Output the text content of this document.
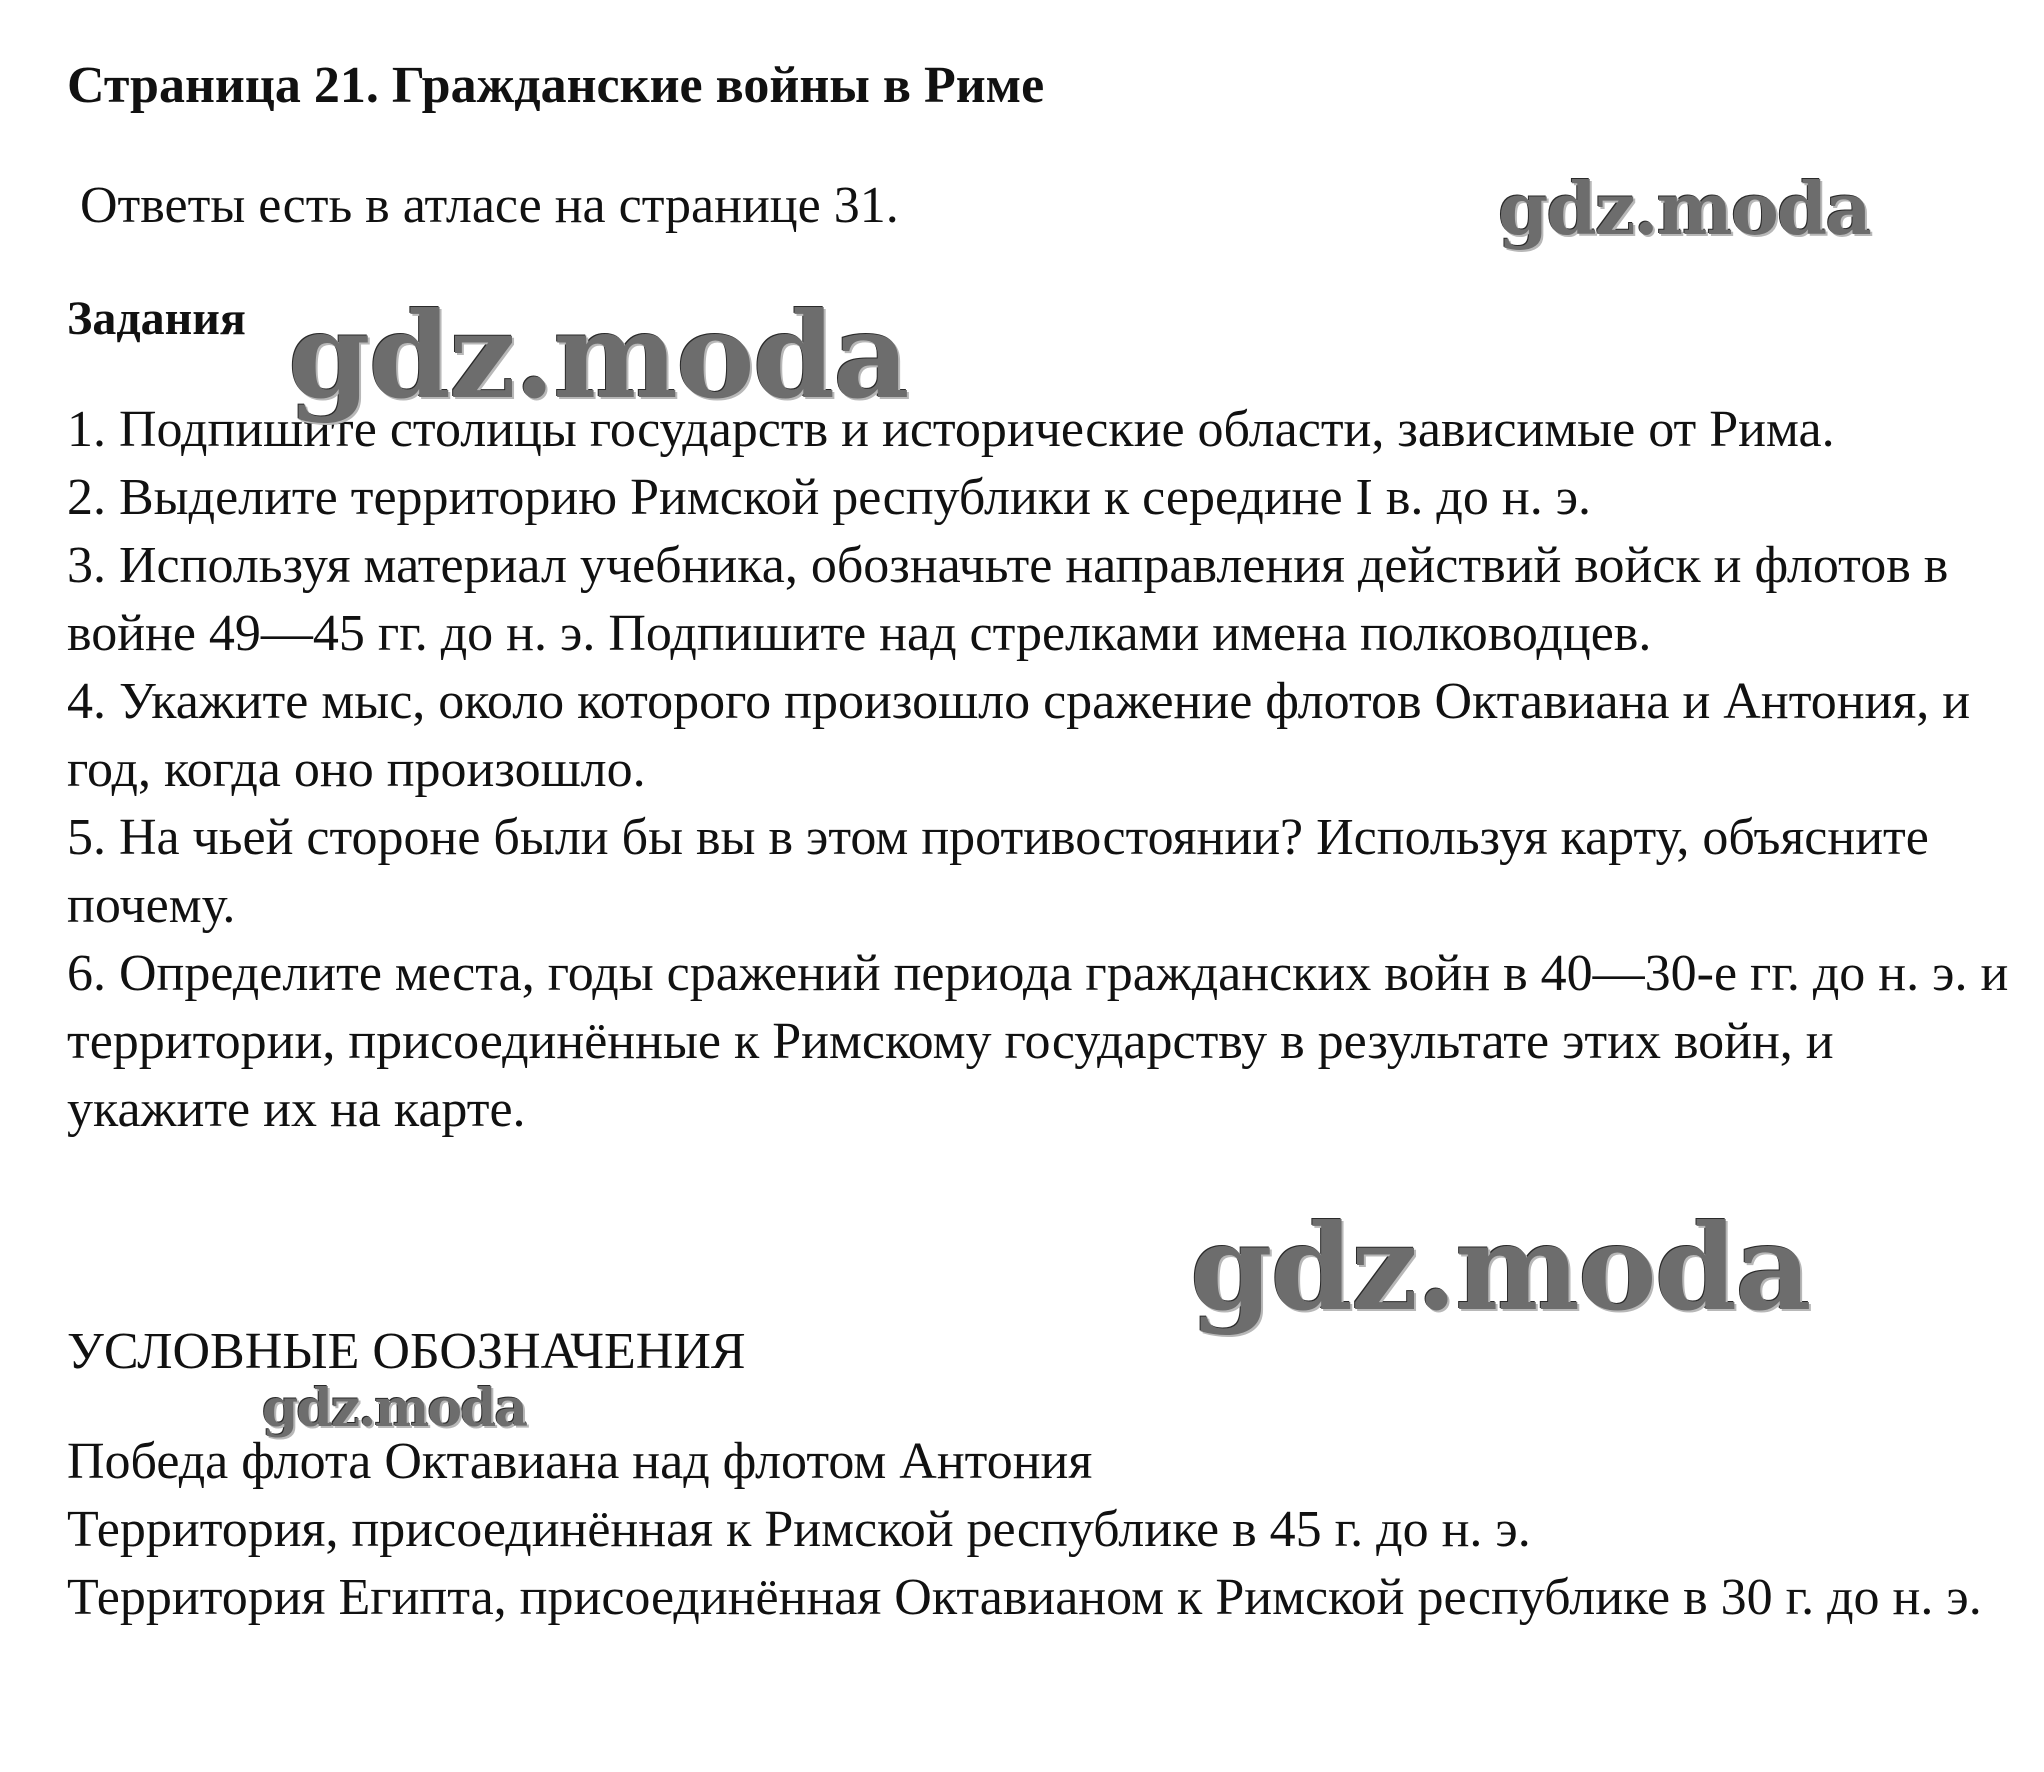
Страница 21. Гражданские войны в Риме
Ответы есть в атласе на странице 31.
Задания
1. Подпишите столицы государств и исторические области, зависимые от Рима.
2. Выделите территорию Римской республики к середине I в. до н. э.
3. Используя материал учебника, обозначьте направления действий войск и флотов в войне 49—45 гг. до н. э. Подпишите над стрелками имена полководцев.
4. Укажите мыс, около которого произошло сражение флотов Октавиана и Антония, и год, когда оно произошло.
5. На чьей стороне были бы вы в этом противостоянии? Используя карту, объясните почему.
6. Определите места, годы сражений периода гражданских войн в 40—30-е гг. до н. э. и территории, присоединённые к Римскому государству в результате этих войн, и укажите их на карте.
УСЛОВНЫЕ ОБОЗНАЧЕНИЯ
Победа флота Октавиана над флотом Антония
Территория, присоединённая к Римской республике в 45 г. до н. э.
Территория Египта, присоединённая Октавианом к Римской республике в 30 г. до н. э.
gdz.moda
gdz.moda
gdz.moda
gdz.moda
